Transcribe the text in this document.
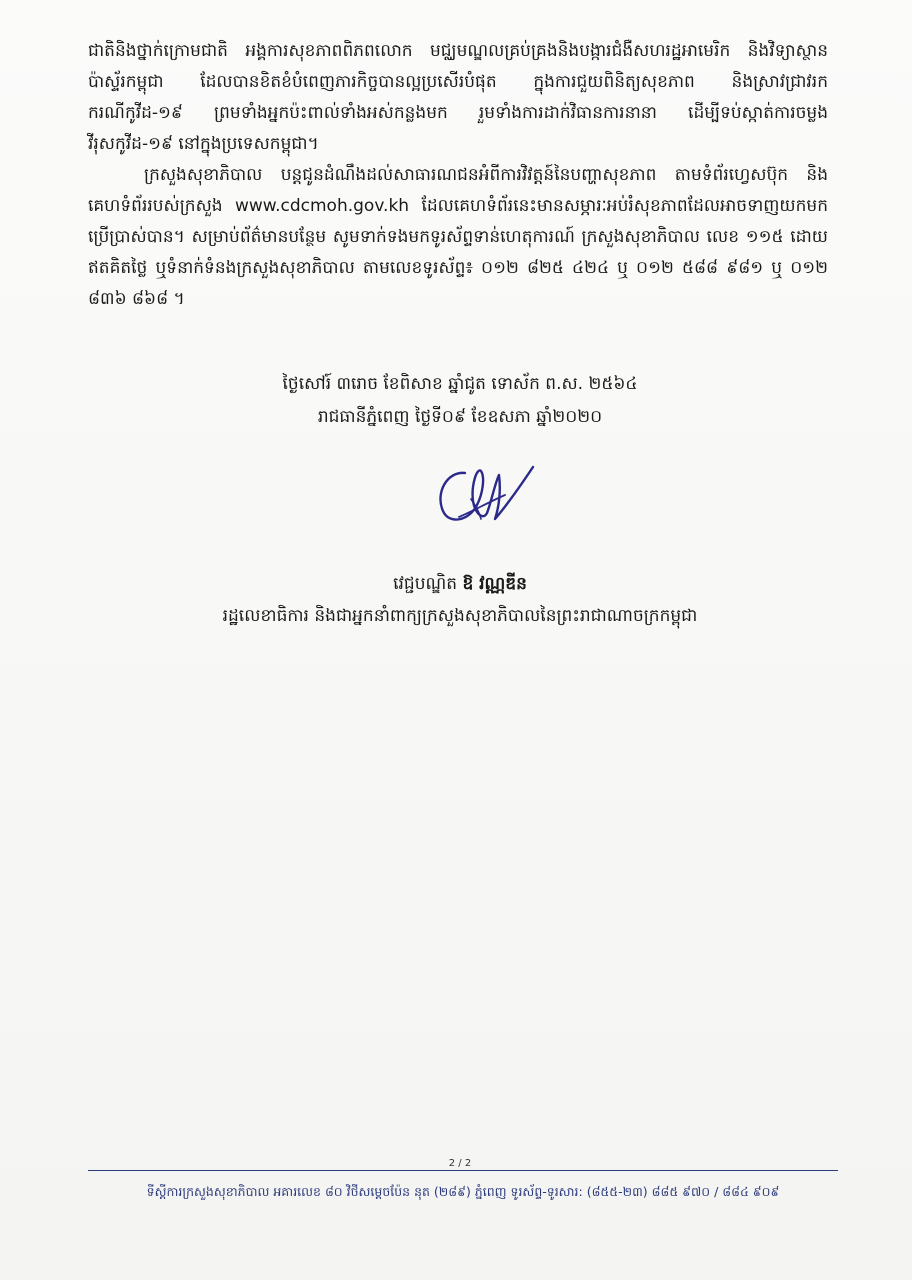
ជាតិនិងថ្នាក់ក្រោមជាតិ អង្គការសុខភាពពិភពលោក មជ្ឈមណ្ឌលគ្រប់គ្រងនិងបង្ការជំងឺសហរដ្ឋអាមេរិក និងវិទ្យាស្ថានប៉ាស្ទ័រកម្ពុជា ដែលបានខិតខំបំពេញភារកិច្ចបានល្អប្រសើរបំផុត ក្នុងការជួយពិនិត្យសុខភាព និងស្រាវជ្រាវរកករណីកូវីដ-១៩ ព្រមទាំងអ្នកប៉ះពាល់ទាំងអស់កន្លងមក រួមទាំងការដាក់វិធានការនានា ដើម្បីទប់ស្កាត់ការចម្លងវីរុសកូវីដ-១៩ នៅក្នុងប្រទេសកម្ពុជា។

ក្រសួងសុខាភិបាល បន្តជូនដំណឹងដល់សាធារណជនអំពីការវិវត្តន៍នៃបញ្ហាសុខភាព តាមទំព័រហ្វេសប៊ុក និងគេហទំព័ររបស់ក្រសួង www.cdcmoh.gov.kh ដែលគេហទំព័រនេះមានសម្ភារៈអប់រំសុខភាពដែលអាចទាញយកមកប្រើប្រាស់បាន។ សម្រាប់ព័ត៌មានបន្ថែម សូមទាក់ទងមកទូរស័ព្ទទាន់ហេតុការណ៍ ក្រសួងសុខាភិបាល លេខ ១១៥ ដោយឥតគិតថ្លៃ ឬទំនាក់ទំនងក្រសួងសុខាភិបាល តាមលេខទូរស័ព្ទ៖ ០១២ ៨២៥ ៤២៤ ឬ ០១២ ៥៨៨ ៩៨១ ឬ ០១២ ៨៣៦ ៨៦៨ ។

ថ្ងៃសៅរ៍ ៣រោច ខែពិសាខ ឆ្នាំជូត ទោស័ក ព.ស. ២៥៦៤
រាជធានីភ្នំពេញ ថ្ងៃទី០៩ ខែឧសភា ឆ្នាំ២០២០
វេជ្ជបណ្ឌិត ឱ វណ្ណឌីន
រដ្ឋលេខាធិការ និងជាអ្នកនាំពាក្យក្រសួងសុខាភិបាលនៃព្រះរាជាណាចក្រកម្ពុជា
2 / 2
ទីស្តីការក្រសួងសុខាភិបាល អគារលេខ ៨០ វិថីសម្ដេចប៉ែន នុត (២៨៩) ភ្នំពេញ ទូរស័ព្ទ-ទូរសារ: (៨៥៥-២៣) ៨៨៥ ៩៧០ / ៨៨៤ ៩០៩
